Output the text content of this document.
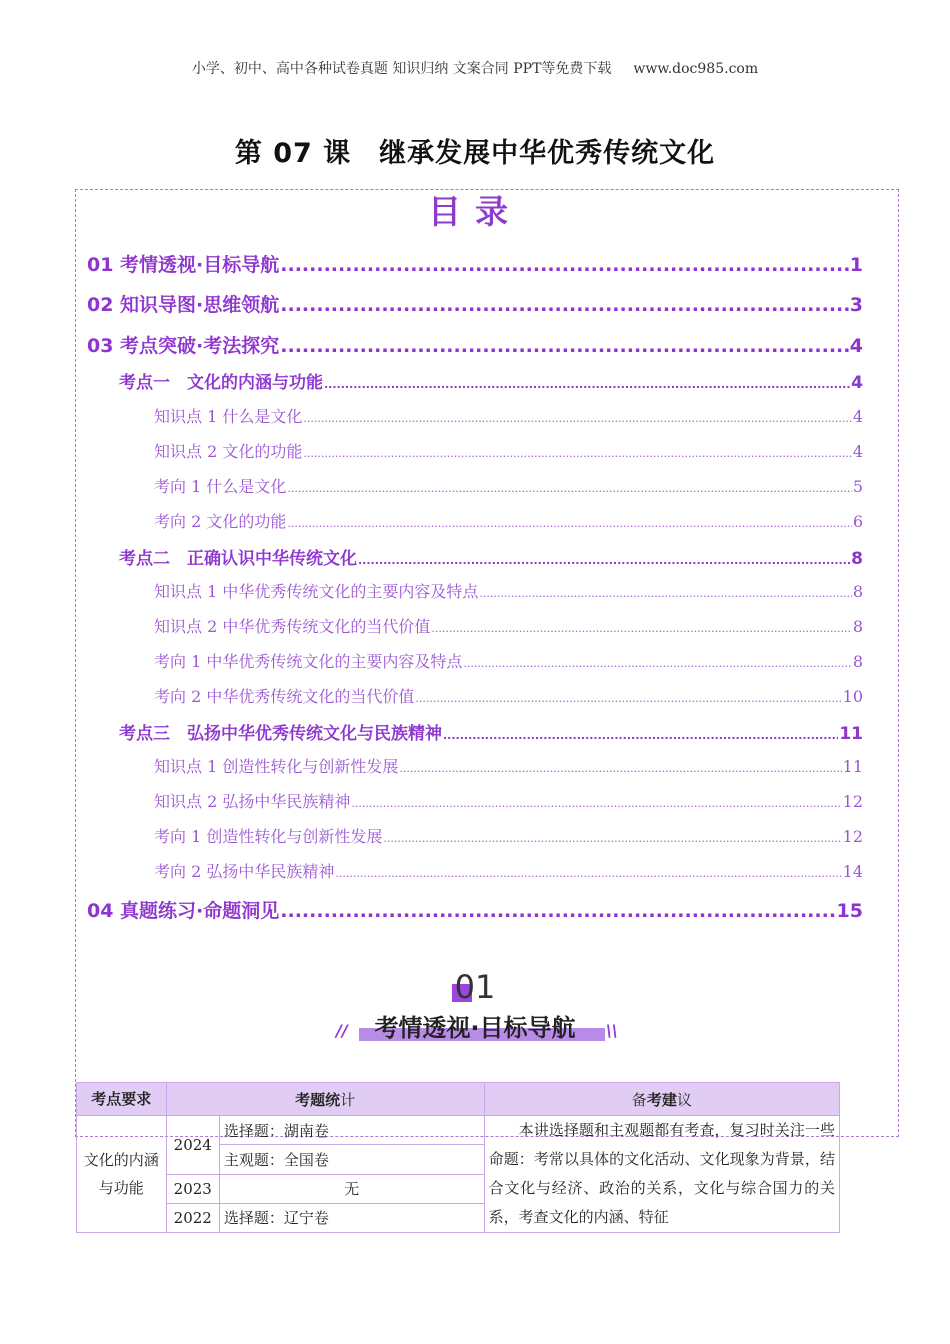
小学、初中、高中各种试卷真题 知识归纳 文案合同 PPT等免费下载 www.doc985.com
第 07 课　继承发展中华优秀传统文化
目录
01 考情透视·目标导航 .....	1
02 知识导图·思维领航 .....	3
03 考点突破·考法探究 .....	4
考点一　文化的内涵与功能 .....	4
知识点 1 什么是文化 .....	4
知识点 2 文化的功能 .....	4
考向 1 什么是文化 .....	5
考向 2 文化的功能 .....	6
考点二　正确认识中华传统文化 .....	8
知识点 1 中华优秀传统文化的主要内容及特点 .....	8
知识点 2 中华优秀传统文化的当代价值 .....	8
考向 1 中华优秀传统文化的主要内容及特点 .....	8
考向 2 中华优秀传统文化的当代价值 .....	10
考点三　弘扬中华优秀传统文化与民族精神 .....	11
知识点 1 创造性转化与创新性发展 .....	11
知识点 2 弘扬中华民族精神 .....	12
考向 1 创造性转化与创新性发展 .....	12
考向 2 弘扬中华民族精神 .....	14
04 真题练习·命题洞见 .....	15
01
//	\\
考情透视·目标导航
考点要求	考题统计		备考建议
文化的内涵与功能	2024	选择题：湖南卷	本讲选择题和主观题都有考查，复习时关注一些命题：考常以具体的文化活动、文化现象为背景，结合文化与经济、政治的关系，文化与综合国力的关系，考查文化的内涵、特征
		主观题：全国卷	
	2023	无	
	2022	选择题：辽宁卷	
